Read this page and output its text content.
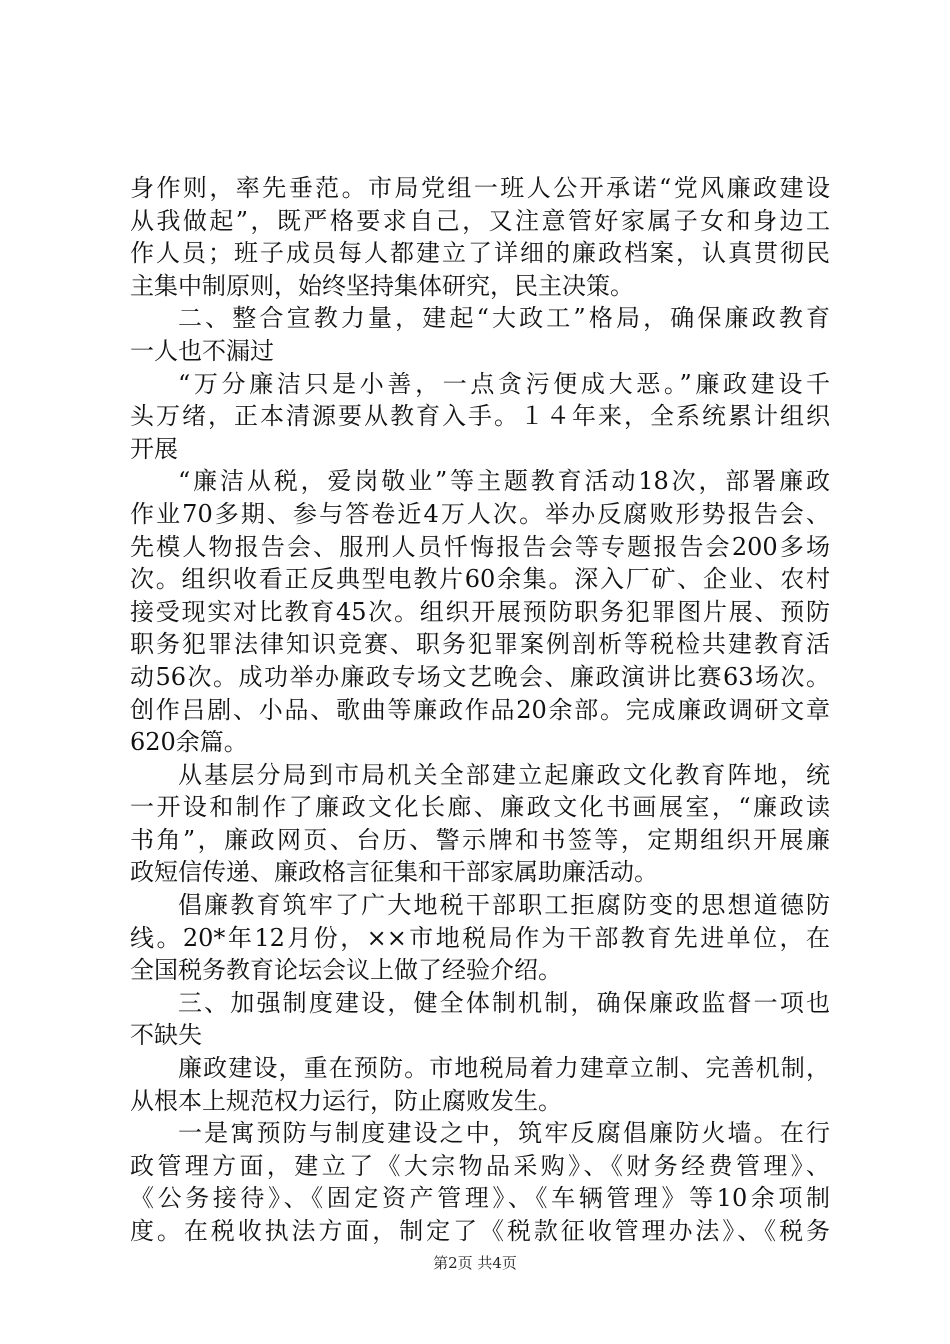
身作则，率先垂范。市局党组一班人公开承诺“党风廉政建设
从我做起”，既严格要求自己，又注意管好家属子女和身边工
作人员；班子成员每人都建立了详细的廉政档案，认真贯彻民
主集中制原则，始终坚持集体研究，民主决策。
二、整合宣教力量，建起“大政工”格局，确保廉政教育
一人也不漏过
“万分廉洁只是小善，一点贪污便成大恶。”廉政建设千
头万绪，正本清源要从教育入手。１４年来，全系统累计组织
开展
“廉洁从税，爱岗敬业”等主题教育活动18次，部署廉政
作业70多期、参与答卷近4万人次。举办反腐败形势报告会、
先模人物报告会、服刑人员忏悔报告会等专题报告会200多场
次。组织收看正反典型电教片60余集。深入厂矿、企业、农村
接受现实对比教育45次。组织开展预防职务犯罪图片展、预防
职务犯罪法律知识竞赛、职务犯罪案例剖析等税检共建教育活
动56次。成功举办廉政专场文艺晚会、廉政演讲比赛63场次。
创作吕剧、小品、歌曲等廉政作品20余部。完成廉政调研文章
620余篇。
从基层分局到市局机关全部建立起廉政文化教育阵地，统
一开设和制作了廉政文化长廊、廉政文化书画展室，“廉政读
书角”，廉政网页、台历、警示牌和书签等，定期组织开展廉
政短信传递、廉政格言征集和干部家属助廉活动。
倡廉教育筑牢了广大地税干部职工拒腐防变的思想道德防
线。20*年12月份，××市地税局作为干部教育先进单位，在
全国税务教育论坛会议上做了经验介绍。
三、加强制度建设，健全体制机制，确保廉政监督一项也
不缺失
廉政建设，重在预防。市地税局着力建章立制、完善机制，
从根本上规范权力运行，防止腐败发生。
一是寓预防与制度建设之中，筑牢反腐倡廉防火墙。在行
政管理方面，建立了《大宗物品采购》、《财务经费管理》、
《公务接待》、《固定资产管理》、《车辆管理》等10余项制
度。在税收执法方面，制定了《税款征收管理办法》、《税务
第2页 共4页
